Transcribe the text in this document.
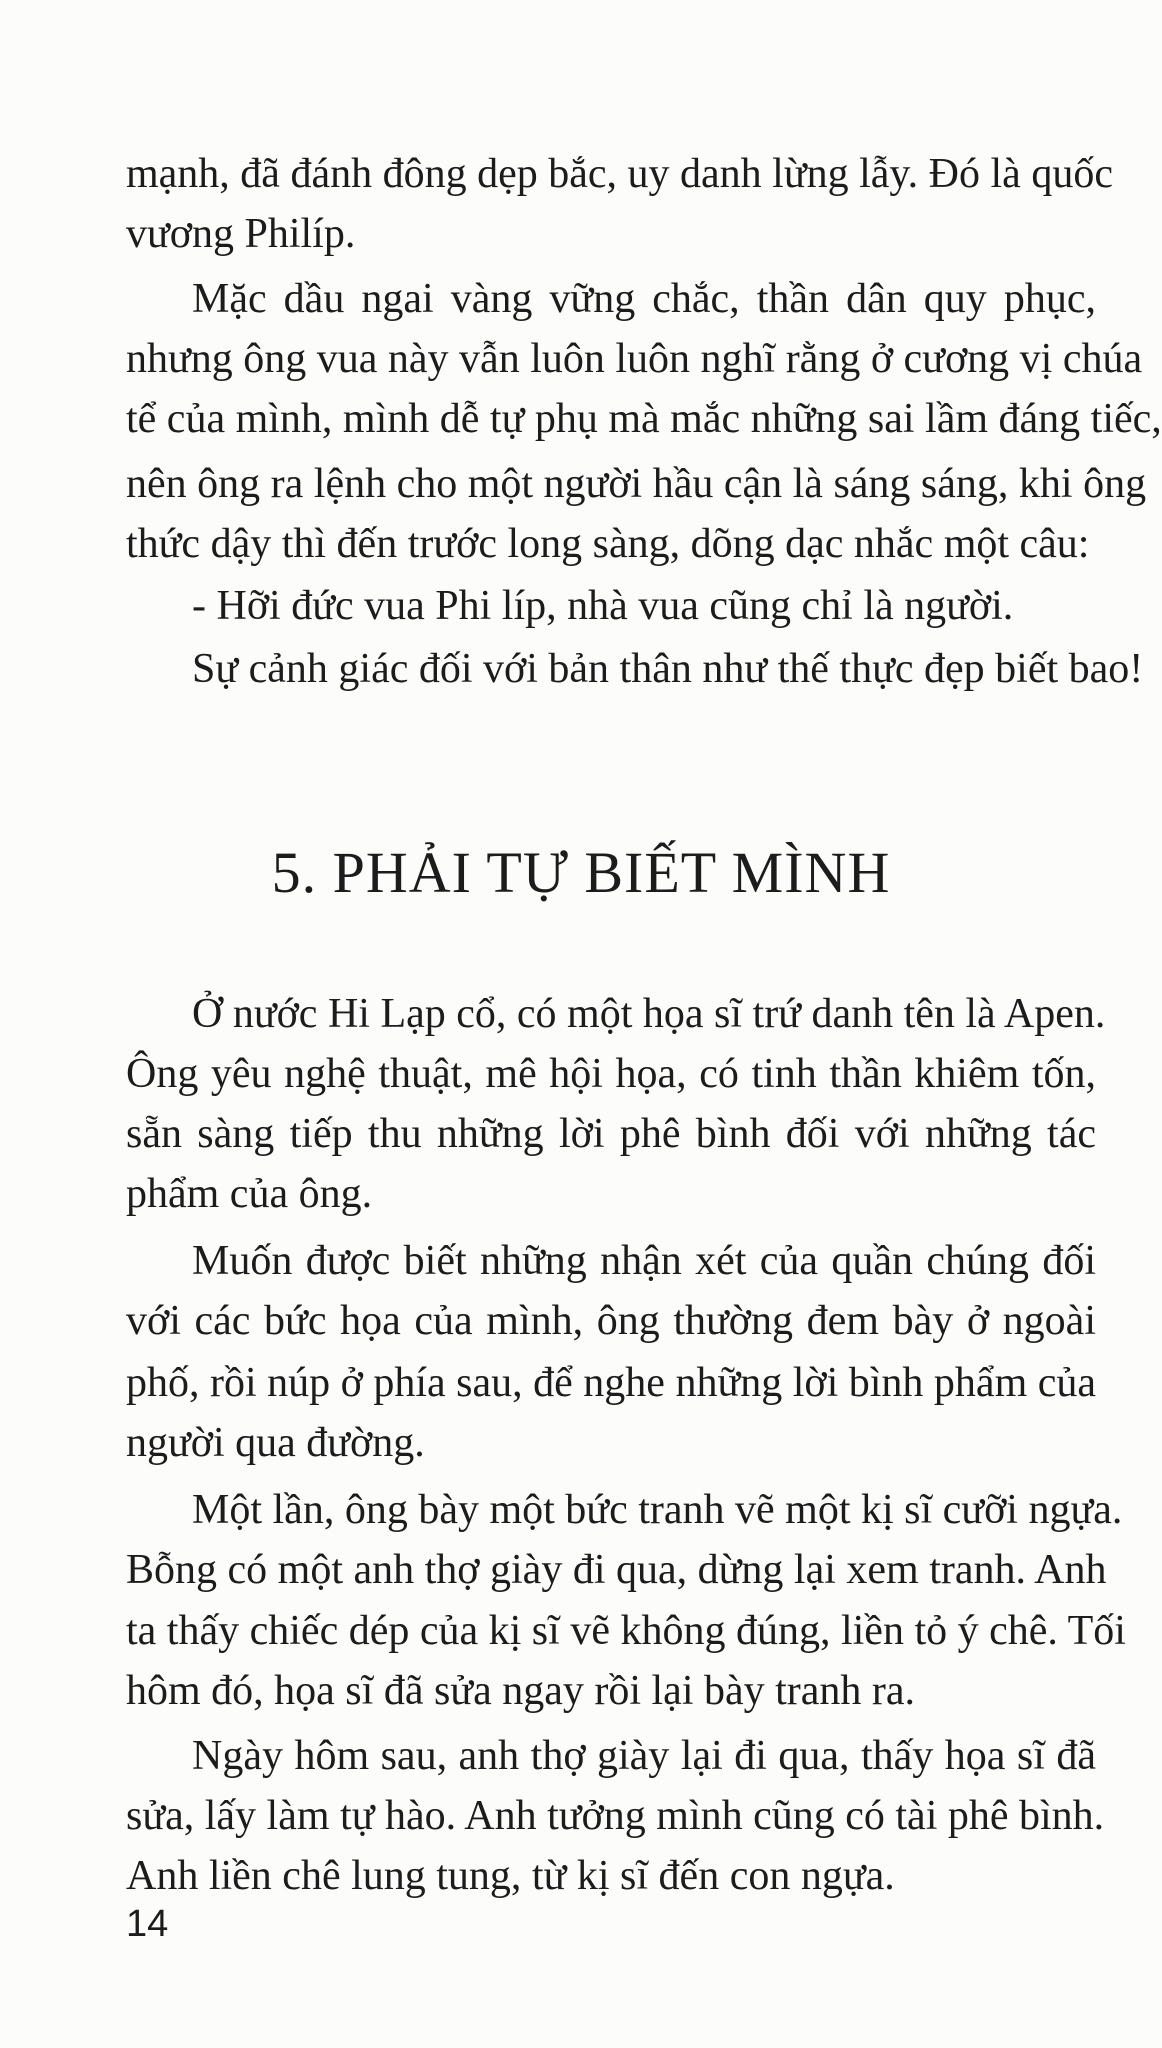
mạnh, đã đánh đông dẹp bắc, uy danh lừng lẫy. Đó là quốc
vương Philíp.
Mặc dầu ngai vàng vững chắc, thần dân quy phục,
nhưng ông vua này vẫn luôn luôn nghĩ rằng ở cương vị chúa
tể của mình, mình dễ tự phụ mà mắc những sai lầm đáng tiếc,
nên ông ra lệnh cho một người hầu cận là sáng sáng, khi ông
thức dậy thì đến trước long sàng, dõng dạc nhắc một câu:
- Hỡi đức vua Phi líp, nhà vua cũng chỉ là người.
Sự cảnh giác đối với bản thân như thế thực đẹp biết bao!
5. PHẢI TỰ BIẾT MÌNH
Ở nước Hi Lạp cổ, có một họa sĩ trứ danh tên là Apen.
Ông yêu nghệ thuật, mê hội họa, có tinh thần khiêm tốn,
sẵn sàng tiếp thu những lời phê bình đối với những tác
phẩm của ông.
Muốn được biết những nhận xét của quần chúng đối
với các bức họa của mình, ông thường đem bày ở ngoài
phố, rồi núp ở phía sau, để nghe những lời bình phẩm của
người qua đường.
Một lần, ông bày một bức tranh vẽ một kị sĩ cưỡi ngựa.
Bỗng có một anh thợ giày đi qua, dừng lại xem tranh. Anh
ta thấy chiếc dép của kị sĩ vẽ không đúng, liền tỏ ý chê. Tối
hôm đó, họa sĩ đã sửa ngay rồi lại bày tranh ra.
Ngày hôm sau, anh thợ giày lại đi qua, thấy họa sĩ đã
sửa, lấy làm tự hào. Anh tưởng mình cũng có tài phê bình.
Anh liền chê lung tung, từ kị sĩ đến con ngựa.
14
